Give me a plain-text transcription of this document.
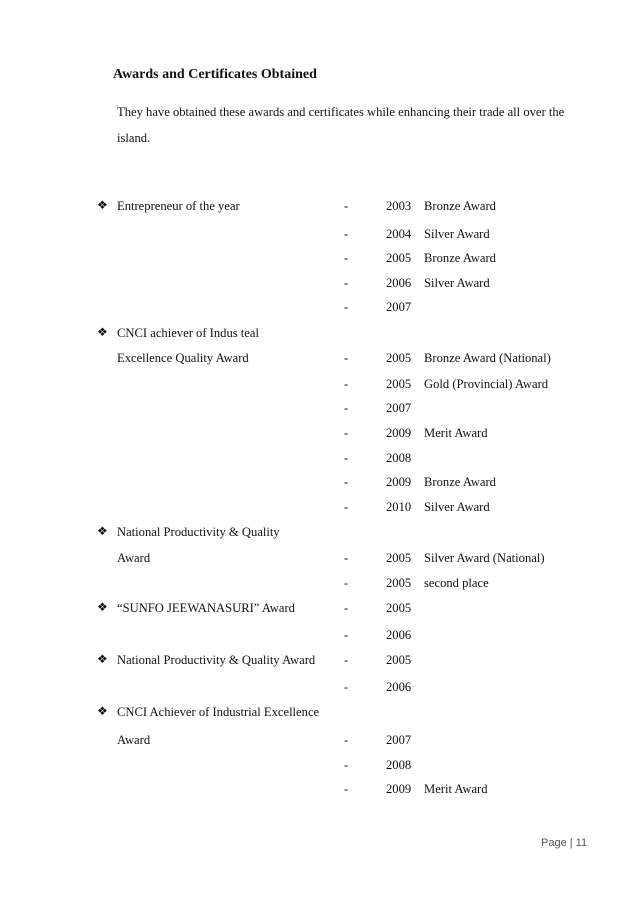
Awards and Certificates Obtained
They have obtained these awards and certificates while enhancing their trade all over the island.
❖ Entrepreneur of the year	-	2003 Bronze Award
-	2004 Silver Award
-	2005 Bronze Award
-	2006 Silver Award
-	2007
❖ CNCI achiever of Indus teal
Excellence Quality Award	-	2005 Bronze Award (National)
-	2005 Gold (Provincial) Award
-	2007
-	2009 Merit Award
-	2008
-	2009 Bronze Award
-	2010 Silver Award
❖ National Productivity & Quality
Award	-	2005 Silver Award (National)
-	2005 second place
❖ “SUNFO JEEWANASURI” Award	-	2005
-	2006
❖ National Productivity & Quality Award -	2005
-	2006
❖ CNCI Achiever of Industrial Excellence
Award	-	2007
-	2008
-	2009 Merit Award
Page | 11
